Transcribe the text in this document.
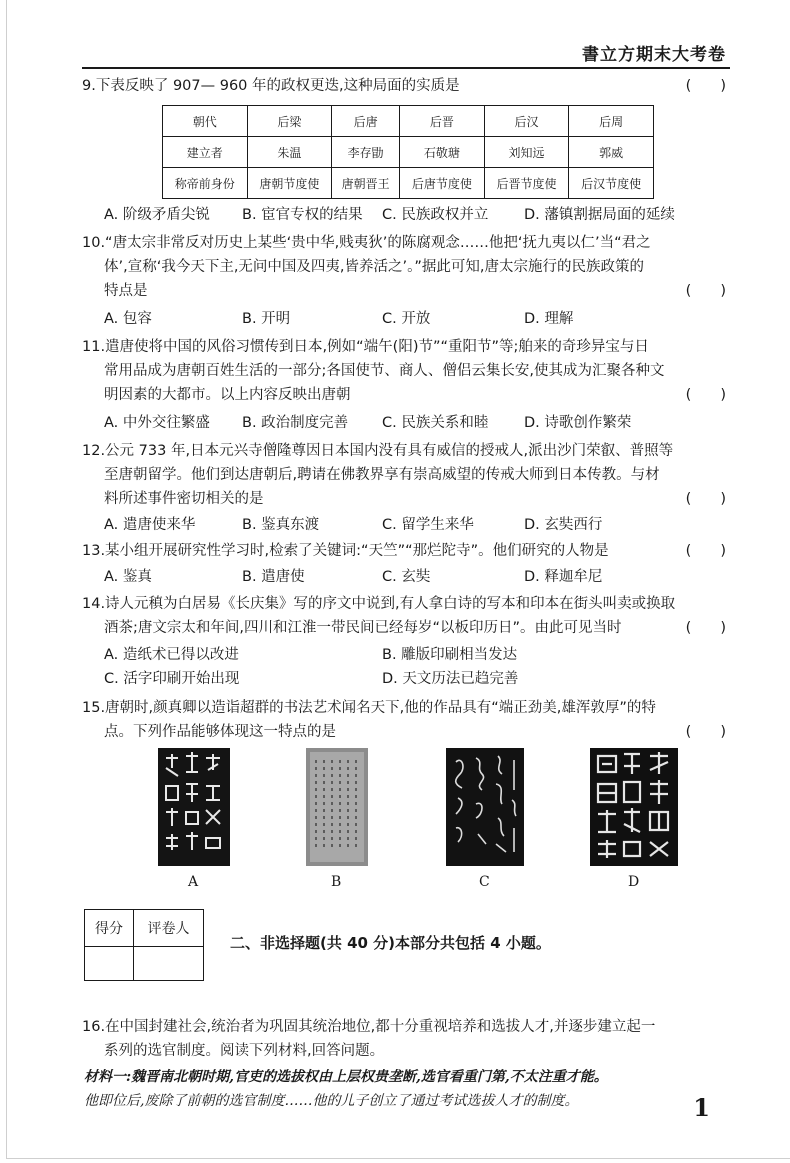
書立方期末大考卷
9.下表反映了 907— 960 年的政权更迭,这种局面的实质是	(　　)
朝代	后梁	后唐	后晋	后汉	后周
建立者	朱温	李存勖	石敬瑭	刘知远	郭威
称帝前身份	唐朝节度使	唐朝晋王	后唐节度使	后晋节度使	后汉节度使
A. 阶级矛盾尖锐 B. 宦官专权的结果 C. 民族政权并立 D. 藩镇割据局面的延续
10.“唐太宗非常反对历史上某些‘贵中华,贱夷狄’的陈腐观念……他把‘抚九夷以仁’当“君之
体’,宣称‘我今天下主,无问中国及四夷,皆养活之’。”据此可知,唐太宗施行的民族政策的
特点是	(　　)
A. 包容	B. 开明	C. 开放	D. 理解
11.遣唐使将中国的风俗习惯传到日本,例如“端午(阳)节”“重阳节”等;舶来的奇珍异宝与日
常用品成为唐朝百姓生活的一部分;各国使节、商人、僧侣云集长安,使其成为汇聚各种文
明因素的大都市。以上内容反映出唐朝	(　　)
A. 中外交往繁盛 B. 政治制度完善 C. 民族关系和睦 D. 诗歌创作繁荣
12.公元 733 年,日本元兴寺僧隆尊因日本国内没有具有威信的授戒人,派出沙门荣叡、普照等
至唐朝留学。他们到达唐朝后,聘请在佛教界享有崇高威望的传戒大师到日本传教。与材
料所述事件密切相关的是	(　　)
A. 遣唐使来华	B. 鉴真东渡	C. 留学生来华	D. 玄奘西行
13.某小组开展研究性学习时,检索了关键词:“天竺”“那烂陀寺”。他们研究的人物是	(　　)
A. 鉴真	B. 遣唐使	C. 玄奘	D. 释迦牟尼
14.诗人元稹为白居易《长庆集》写的序文中说到,有人拿白诗的写本和印本在街头叫卖或换取
酒茶;唐文宗太和年间,四川和江淮一带民间已经每岁“以板印历日”。由此可见当时	(　　)
A. 造纸术已得以改进	B. 雕版印刷相当发达
C. 活字印刷开始出现	D. 天文历法已趋完善
15.唐朝时,颜真卿以造诣超群的书法艺术闻名天下,他的作品具有“端正劲美,雄浑敦厚”的特
点。下列作品能够体现这一特点的是	(　　)
A	B	C	D
得分	评卷人

二、非选择题(共 40 分)本部分共包括 4 小题。
16.在中国封建社会,统治者为巩固其统治地位,都十分重视培养和选拔人才,并逐步建立起一
系列的选官制度。阅读下列材料,回答问题。
材料一:魏晋南北朝时期,官吏的选拔权由上层权贵垄断,选官看重门第,不太注重才能。
他即位后,废除了前朝的选官制度……他的儿子创立了通过考试选拔人才的制度。	1
